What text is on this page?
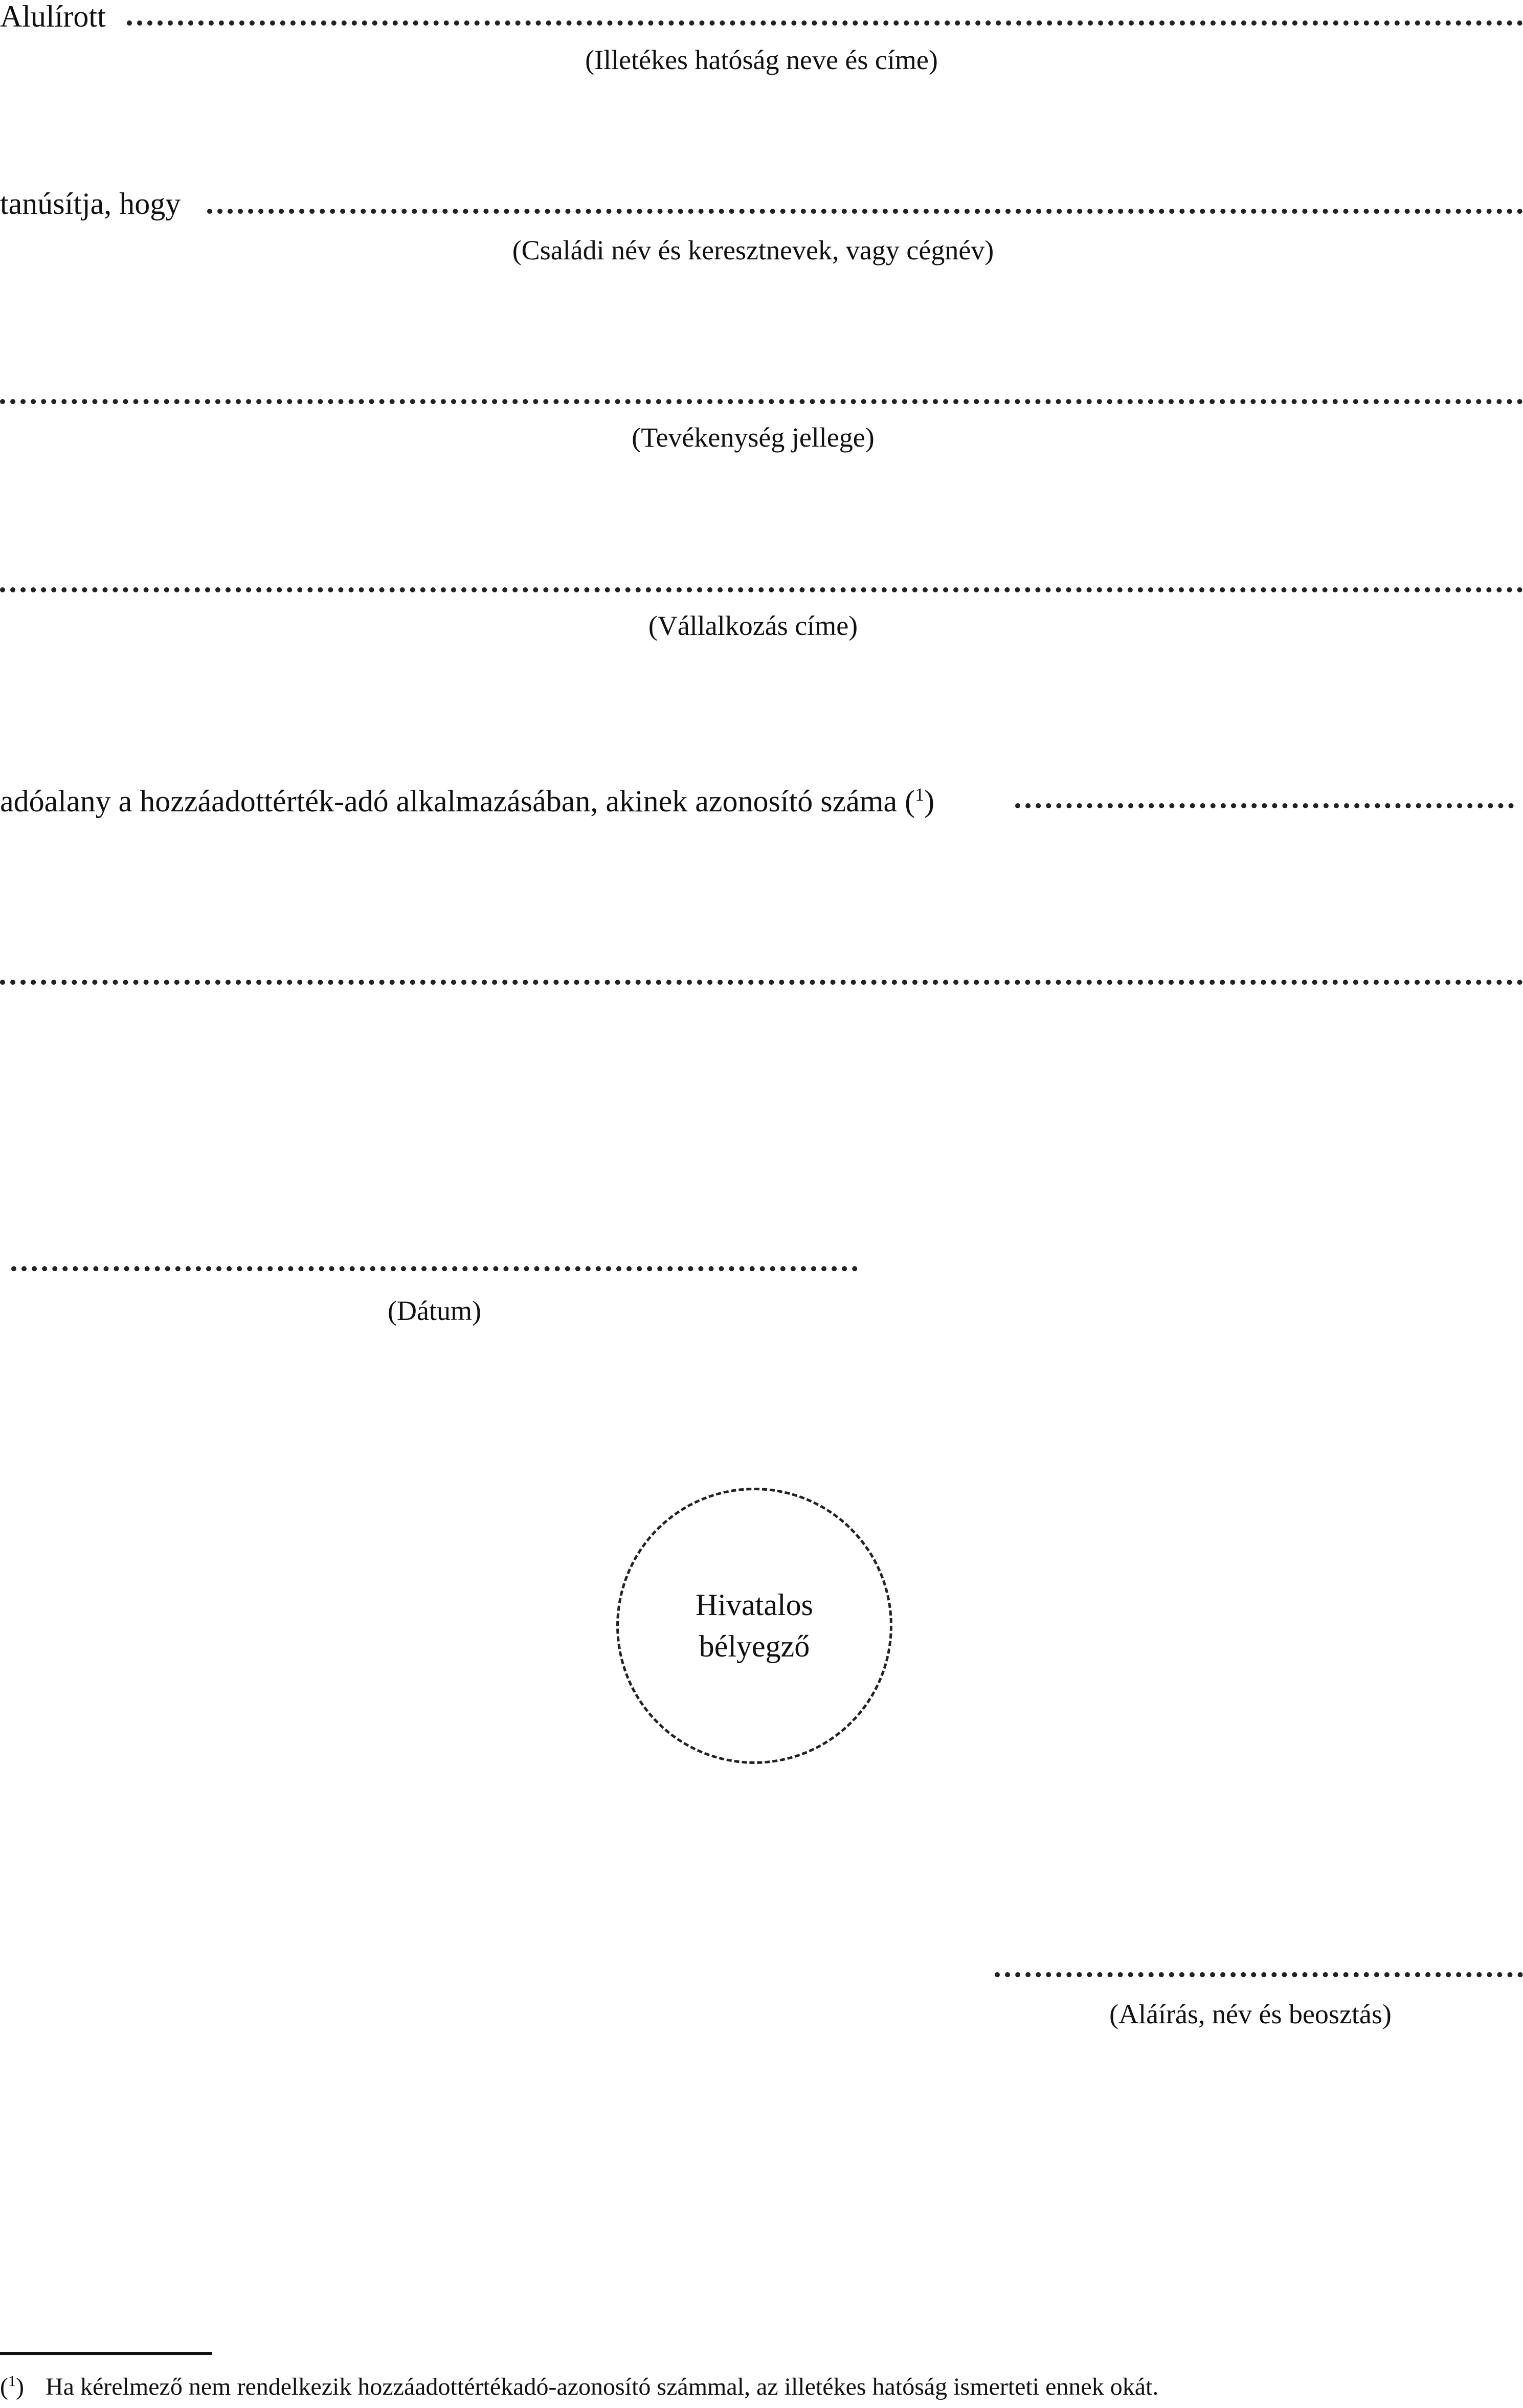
Alulírott
(Illetékes hatóság neve és címe)
tanúsítja, hogy
(Családi név és keresztnevek, vagy cégnév)
(Tevékenység jellege)
(Vállalkozás címe)
adóalany a hozzáadottérték-adó alkalmazásában, akinek azonosító száma ($^1$)
(Dátum)
Hivatalos
bélyegző
(Aláírás, név és beosztás)
($^1$) Ha kérelmező nem rendelkezik hozzáadottértékadó-azonosító számmal, az illetékes hatóság ismerteti ennek okát.
